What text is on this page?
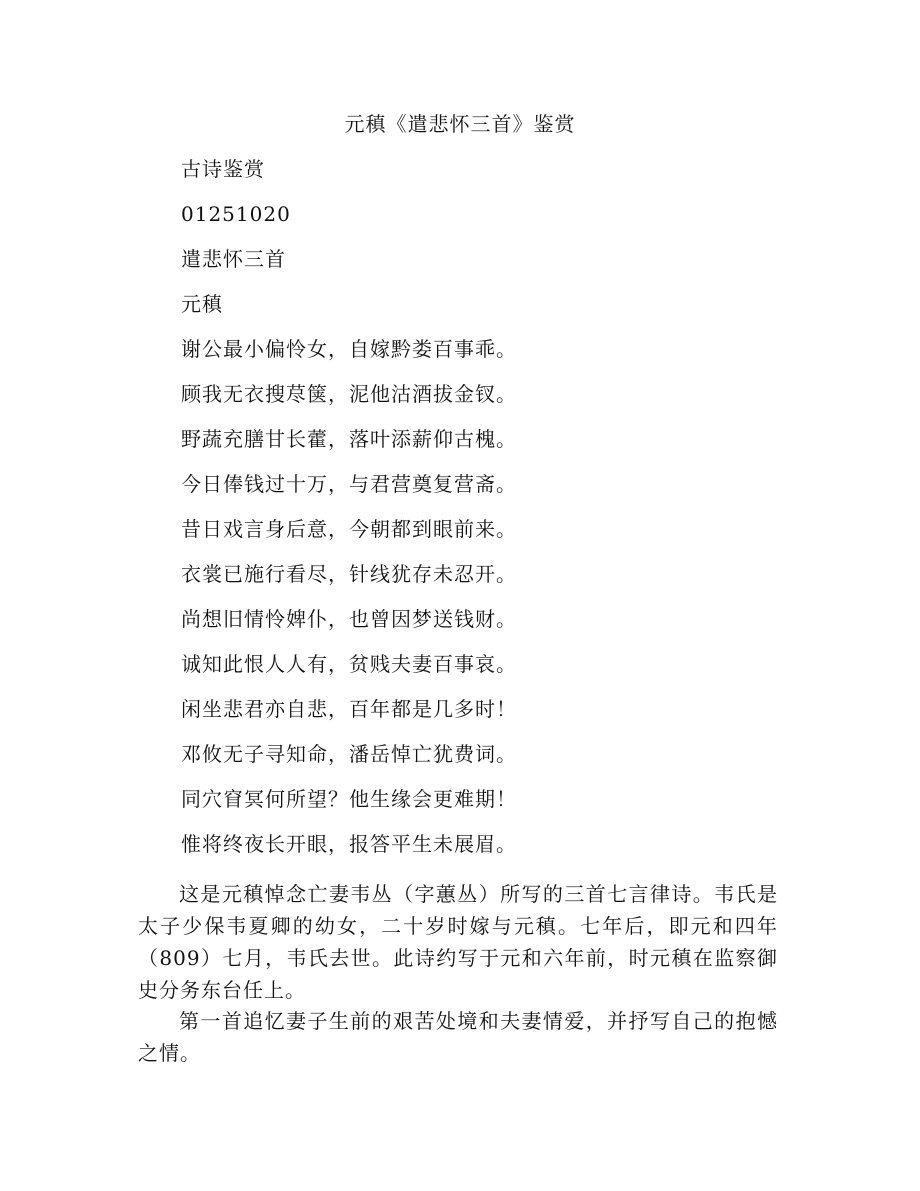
元稹《遣悲怀三首》鉴赏
古诗鉴赏
01251020
遣悲怀三首
元稹
谢公最小偏怜女，自嫁黔娄百事乖。
顾我无衣搜荩箧，泥他沽酒拔金钗。
野蔬充膳甘长藿，落叶添薪仰古槐。
今日俸钱过十万，与君营奠复营斋。
昔日戏言身后意，今朝都到眼前来。
衣裳已施行看尽，针线犹存未忍开。
尚想旧情怜婢仆，也曾因梦送钱财。
诚知此恨人人有，贫贱夫妻百事哀。
闲坐悲君亦自悲，百年都是几多时！
邓攸无子寻知命，潘岳悼亡犹费词。
同穴窅冥何所望？他生缘会更难期！
惟将终夜长开眼，报答平生未展眉。

这是元稹悼念亡妻韦丛（字蕙丛）所写的三首七言律诗。韦氏是太子少保韦夏卿的幼女，二十岁时嫁与元稹。七年后，即元和四年（809）七月，韦氏去世。此诗约写于元和六年前，时元稹在监察御史分务东台任上。

第一首追忆妻子生前的艰苦处境和夫妻情爱，并抒写自己的抱憾之情。
